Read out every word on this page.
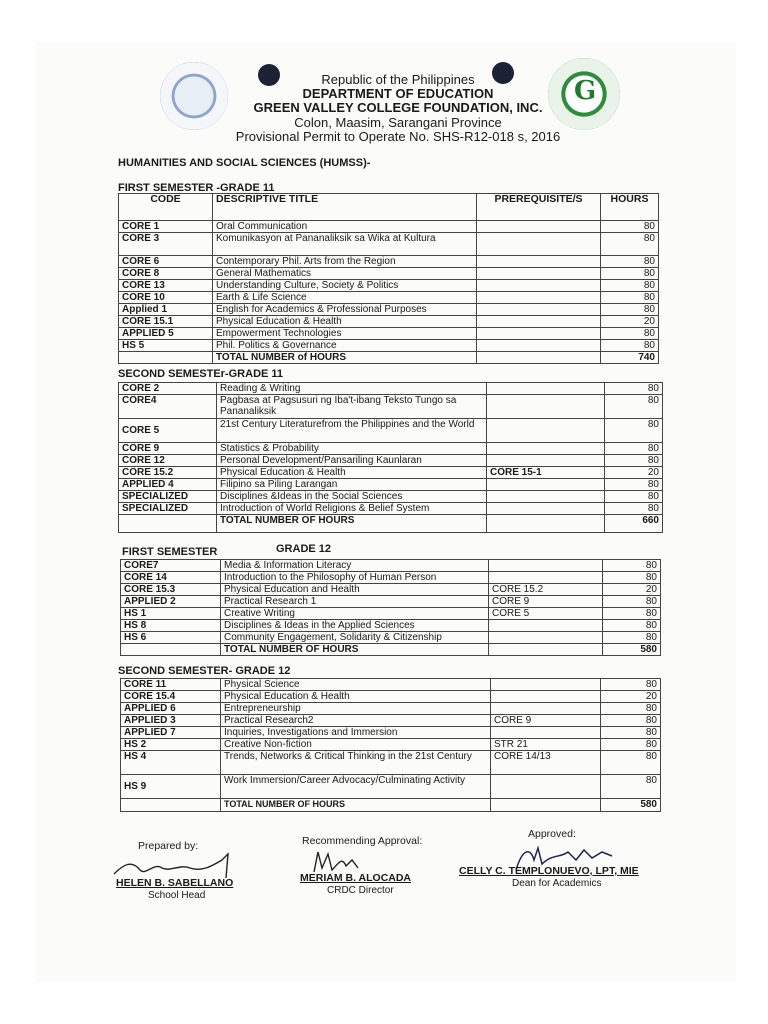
G
Republic of the Philippines
DEPARTMENT OF EDUCATION
GREEN VALLEY COLLEGE FOUNDATION, INC.
Colon, Maasim, Sarangani Province
Provisional Permit to Operate No. SHS-R12-018 s, 2016
HUMANITIES AND SOCIAL SCIENCES (HUMSS)-
FIRST SEMESTER -GRADE 11
CODE	DESCRIPTIVE TITLE	PREREQUISITE/S	HOURS
CORE 1	Oral Communication		80
CORE 3	Komunikasyon at Pananaliksik sa Wika at Kultura		80
CORE 6	Contemporary Phil. Arts from the Region		80
CORE 8	General Mathematics		80
CORE 13	Understanding Culture, Society & Politics		80
CORE 10	Earth & Life Science		80
Applied 1	English for Academics & Professional Purposes		80
CORE 15.1	Physical Education & Health		20
APPLIED 5	Empowerment Technologies		80
HS 5	Phil. Politics & Governance		80
	TOTAL NUMBER of HOURS		740
SECOND SEMESTEr-GRADE 11
CORE 2	Reading & Writing		80
CORE4	Pagbasa at Pagsusuri ng Iba't-ibang Teksto Tungo sa Pananaliksik		80
CORE 5	21st Century Literaturefrom the Philippines and the World		80
CORE 9	Statistics & Probability		80
CORE 12	Personal Development/Pansariling Kaunlaran		80
CORE 15.2	Physical Education & Health	CORE 15-1	20
APPLIED 4	Filipino sa Piling Larangan		80
SPECIALIZED	Disciplines &Ideas in the Social Sciences		80
SPECIALIZED	Introduction of World Religions & Belief System		80
	TOTAL NUMBER OF HOURS		660
FIRST SEMESTER	GRADE 12
CORE7	Media & Information Literacy		80
CORE 14	Introduction to the Philosophy of Human Person		80
CORE 15.3	Physical Education and Health	CORE 15.2	20
APPLIED 2	Practical Research 1	CORE 9	80
HS 1	Creative Writing	CORE 5	80
HS 8	Disciplines & Ideas in the Applied Sciences		80
HS 6	Community Engagement, Solidarity & Citizenship		80
	TOTAL NUMBER OF HOURS		580
SECOND SEMESTER- GRADE 12
CORE 11	Physical Science		80
CORE 15.4	Physical Education & Health		20
APPLIED 6	Entrepreneurship		80
APPLIED 3	Practical Research2	CORE 9	80
APPLIED 7	Inquiries, Investigations and Immersion		80
HS 2	Creative Non-fiction	STR 21	80
HS 4	Trends, Networks & Critical Thinking in the 21st Century	CORE 14/13	80
HS 9	Work Immersion/Career Advocacy/Culminating Activity		80
	TOTAL NUMBER OF HOURS		580
Prepared by:
HELEN B. SABELLANO
School Head
Recommending Approval:
MERIAM B. ALOCADA
CRDC Director
Approved:
CELLY C. TEMPLONUEVO, LPT, MIE
Dean for Academics
